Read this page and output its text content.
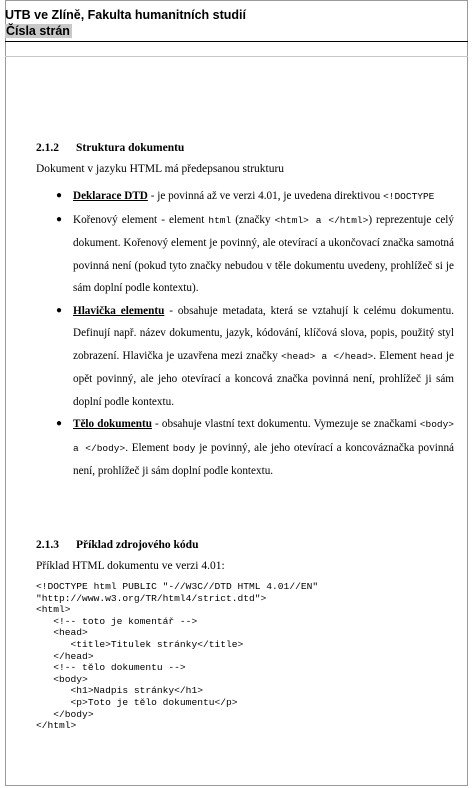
UTB ve Zlíně, Fakulta humanitních studií
Čísla strán
2.1.2 Struktura dokumentu
Dokument v jazyku HTML má předepsanou strukturu
● Deklarace DTD - je povinná až ve verzi 4.01, je uvedena direktivou <!DOCTYPE
● Kořenový element - element html (značky <html> a </html>) reprezentuje celý dokument. Kořenový element je povinný, ale otevírací a ukončovací značka samotná povinná není (pokud tyto značky nebudou v těle dokumentu uvedeny, prohlížeč si je sám doplní podle kontextu).
● Hlavička elementu - obsahuje metadata, která se vztahují k celému dokumentu. Definují např. název dokumentu, jazyk, kódování, klíčová slova, popis, použitý styl zobrazení. Hlavička je uzavřena mezi značky <head> a </head>. Element head je opět povinný, ale jeho otevírací a koncová značka povinná není, prohlížeč ji sám doplní podle kontextu.
● Tělo dokumentu - obsahuje vlastní text dokumentu. Vymezuje se značkami <body> a </body>. Element body je povinný, ale jeho otevírací a koncováznačka povinná není, prohlížeč ji sám doplní podle kontextu.
2.1.3 Příklad zdrojového kódu
Příklad HTML dokumentu ve verzi 4.01:
<!DOCTYPE html PUBLIC "-//W3C//DTD HTML 4.01//EN"
"http://www.w3.org/TR/html4/strict.dtd">
<html>
<!-- toto je komentář -->
<head>
<title>Titulek stránky</title>
</head>
<!-- tělo dokumentu -->
<body>
<h1>Nadpis stránky</h1>
<p>Toto je tělo dokumentu</p>
</body>
</html>
